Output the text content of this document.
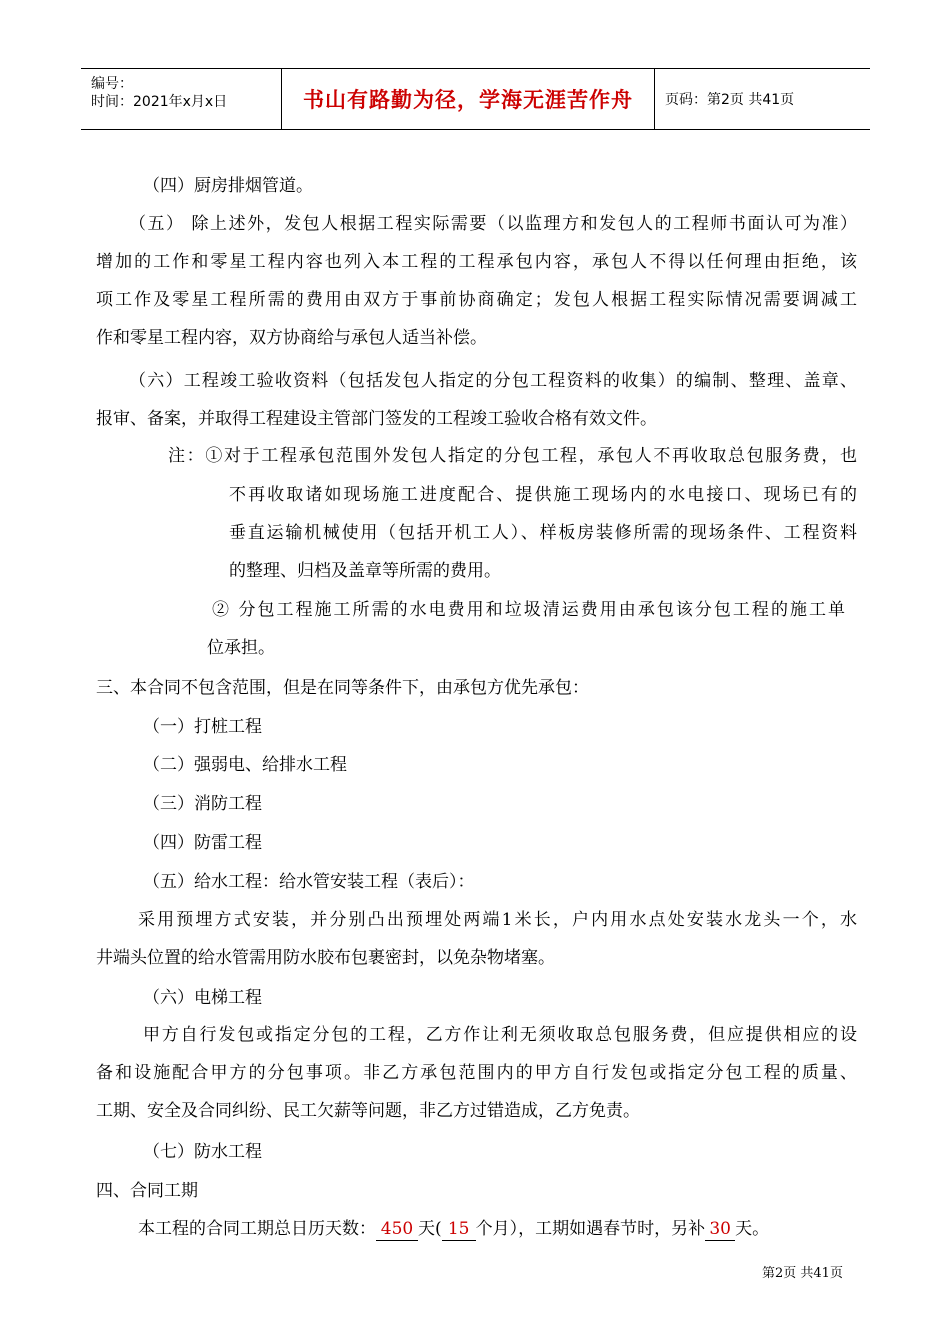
编号：
时间：2021年x月x日	书山有路勤为径，学海无涯苦作舟	页码：第2页 共41页
（四）厨房排烟管道。
（五） 除上述外，发包人根据工程实际需要（以监理方和发包人的工程师书面认可为准）
增加的工作和零星工程内容也列入本工程的工程承包内容，承包人不得以任何理由拒绝，该
项工作及零星工程所需的费用由双方于事前协商确定；发包人根据工程实际情况需要调减工
作和零星工程内容，双方协商给与承包人适当补偿。
（六）工程竣工验收资料（包括发包人指定的分包工程资料的收集）的编制、整理、盖章、
报审、备案，并取得工程建设主管部门签发的工程竣工验收合格有效文件。
注：①对于工程承包范围外发包人指定的分包工程，承包人不再收取总包服务费，也
不再收取诸如现场施工进度配合、提供施工现场内的水电接口、现场已有的
垂直运输机械使用（包括开机工人）、样板房装修所需的现场条件、工程资料
的整理、归档及盖章等所需的费用。
② 分包工程施工所需的水电费用和垃圾清运费用由承包该分包工程的施工单
位承担。
三、本合同不包含范围，但是在同等条件下，由承包方优先承包：
（一）打桩工程
（二）强弱电、给排水工程
（三）消防工程
（四）防雷工程
（五）给水工程：给水管安装工程（表后）：
采用预埋方式安装，并分别凸出预埋处两端1米长，户内用水点处安装水龙头一个，水
井端头位置的给水管需用防水胶布包裹密封，以免杂物堵塞。
（六）电梯工程
甲方自行发包或指定分包的工程，乙方作让利无须收取总包服务费，但应提供相应的设
备和设施配合甲方的分包事项。非乙方承包范围内的甲方自行发包或指定分包工程的质量、
工期、安全及合同纠纷、民工欠薪等问题，非乙方过错造成，乙方免责。
（七）防水工程
四、合同工期
本工程的合同工期总日历天数： 450 天( 15 个月），工期如遇春节时，另补 30 天。
第2页 共41页
